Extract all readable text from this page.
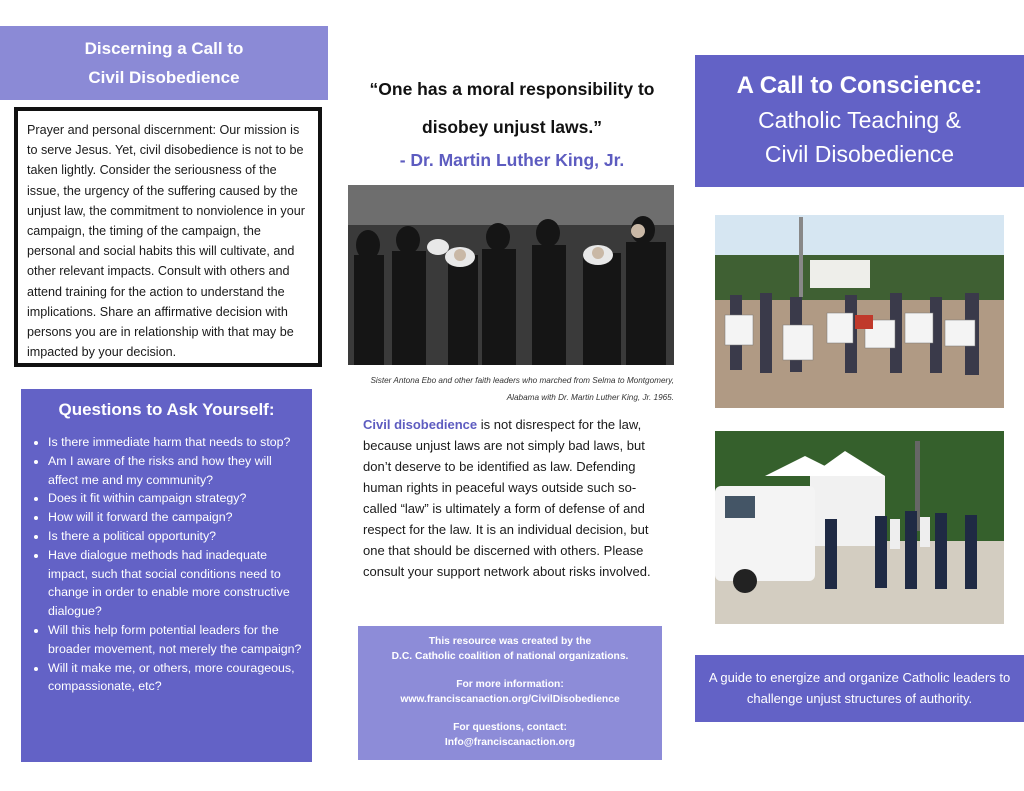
Discerning a Call to
Civil Disobedience
Prayer and personal discernment: Our mission is to serve Jesus. Yet, civil disobedience is not to be taken lightly. Consider the seriousness of the issue, the urgency of the suffering caused by the unjust law, the commitment to nonviolence in your campaign, the timing of the campaign, the personal and social habits this will cultivate, and other relevant impacts. Consult with others and attend training for the action to understand the implications. Share an affirmative decision with persons you are in relationship with that may be impacted by your decision.
Questions to Ask Yourself:
• Is there immediate harm that needs to stop?
• Am I aware of the risks and how they will affect me and my community?
• Does it fit within campaign strategy?
• How will it forward the campaign?
• Is there a political opportunity?
• Have dialogue methods had inadequate impact, such that social conditions need to change in order to enable more constructive dialogue?
• Will this help form potential leaders for the broader movement, not merely the campaign?
• Will it make me, or others, more courageous, compassionate, etc?
“One has a moral responsibility to disobey unjust laws.”
- Dr. Martin Luther King, Jr.
Sister Antona Ebo and other faith leaders who marched from Selma to Montgomery, Alabama with Dr. Martin Luther King, Jr. 1965.
Civil disobedience is not disrespect for the law, because unjust laws are not simply bad laws, but don’t deserve to be identified as law. Defending human rights in peaceful ways outside such so-called “law” is ultimately a form of defense of and respect for the law. It is an individual decision, but one that should be discerned with others. Please consult your support network about risks involved.

This resource was created by the

D.C. Catholic coalition of national organizations.

For more information:

www.franciscanaction.org/CivilDisobedience

For questions, contact:

Info@franciscanaction.org

A Call to Conscience:
Catholic Teaching &
Civil Disobedience
A guide to energize and organize Catholic leaders to challenge unjust structures of authority.
